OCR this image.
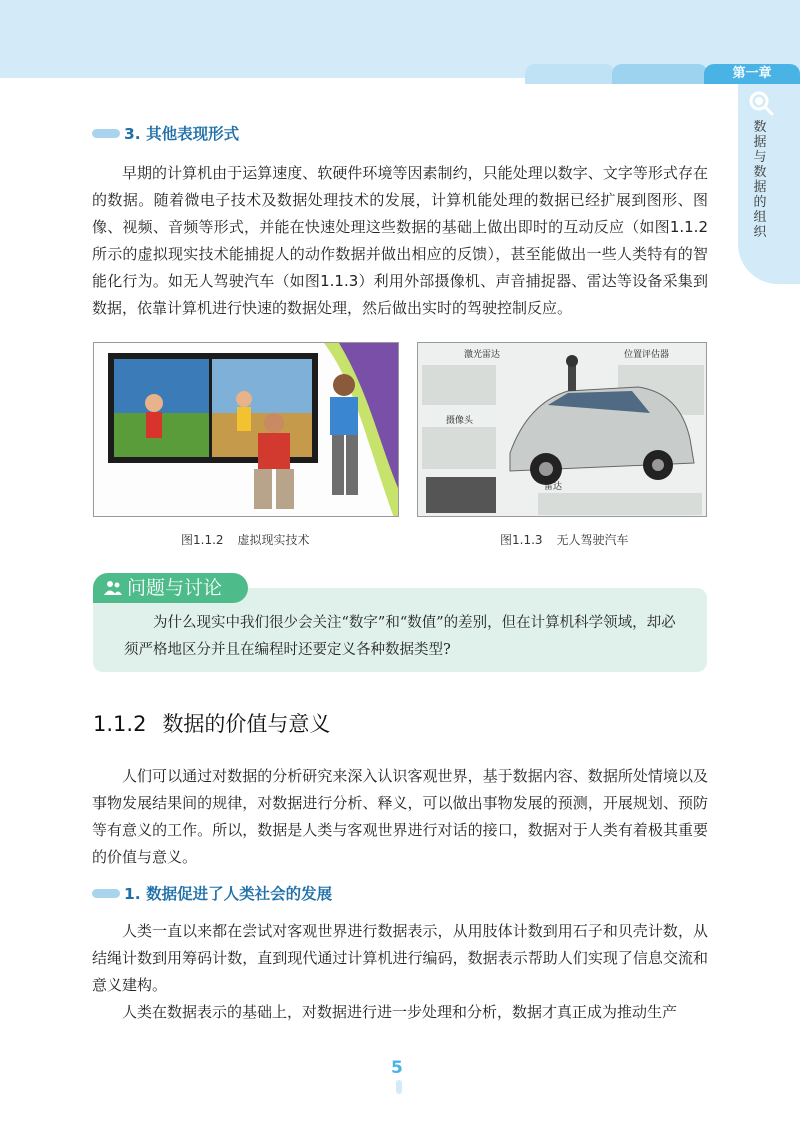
第一章
数
据
与
数
据
的
组
织
3. 其他表现形式

早期的计算机由于运算速度、软硬件环境等因素制约，只能处理以数字、文字等形式存在的数据。随着微电子技术及数据处理技术的发展，计算机能处理的数据已经扩展到图形、图像、视频、音频等形式，并能在快速处理这些数据的基础上做出即时的互动反应（如图1.1.2所示的虚拟现实技术能捕捉人的动作数据并做出相应的反馈），甚至能做出一些人类特有的智能化行为。如无人驾驶汽车（如图1.1.3）利用外部摄像机、声音捕捉器、雷达等设备采集到数据，依靠计算机进行快速的数据处理，然后做出实时的驾驶控制反应。

激光雷达	位置评估器
摄像头
雷达
图1.1.2 虚拟现实技术	图1.1.3 无人驾驶汽车
问题与讨论

为什么现实中我们很少会关注“数字”和“数值”的差别，但在计算机科学领域，却必须严格地区分并且在编程时还要定义各种数据类型?

1.1.2 数据的价值与意义

人们可以通过对数据的分析研究来深入认识客观世界，基于数据内容、数据所处情境以及事物发展结果间的规律，对数据进行分析、释义，可以做出事物发展的预测，开展规划、预防等有意义的工作。所以，数据是人类与客观世界进行对话的接口，数据对于人类有着极其重要的价值与意义。

1. 数据促进了人类社会的发展

人类一直以来都在尝试对客观世界进行数据表示，从用肢体计数到用石子和贝壳计数，从结绳计数到用筹码计数，直到现代通过计算机进行编码，数据表示帮助人们实现了信息交流和意义建构。

人类在数据表示的基础上，对数据进行进一步处理和分析，数据才真正成为推动生产

5
